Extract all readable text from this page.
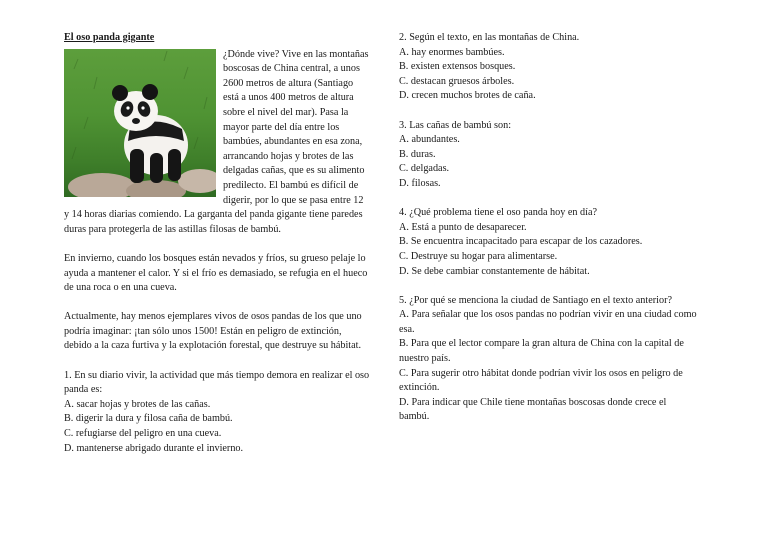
El oso panda gigante

¿Dónde vive? Vive en las montañas boscosas de China central, a unos 2600 metros de altura (Santiago está a unos 400 metros de altura sobre el nivel del mar). Pasa la mayor parte del día entre los bambúes, abundantes en esa zona, arrancando hojas y brotes de las delgadas cañas, que es su alimento predilecto. El bambú es difícil de digerir, por lo que se pasa entre 12 y 14 horas diarias comiendo. La garganta del panda gigante tiene paredes duras para protegerla de las astillas filosas de bambú.

En invierno, cuando los bosques están nevados y fríos, su grueso pelaje lo ayuda a mantener el calor. Y si el frío es demasiado, se refugia en el hueco de una roca o en una cueva.

Actualmente, hay menos ejemplares vivos de osos pandas de los que uno podría imaginar: ¡tan sólo unos 1500! Están en peligro de extinción, debido a la caza furtiva y la explotación forestal, que destruye su hábitat.

1. En su diario vivir, la actividad que más tiempo demora en realizar el oso panda es:

A. sacar hojas y brotes de las cañas.

B. digerir la dura y filosa caña de bambú.

C. refugiarse del peligro en una cueva.

D. mantenerse abrigado durante el invierno.

2. Según el texto, en las montañas de China.

A. hay enormes bambúes.

B. existen extensos bosques.

C. destacan gruesos árboles.

D. crecen muchos brotes de caña.

3. Las cañas de bambú son:

A. abundantes.

B. duras.

C. delgadas.

D. filosas.

4. ¿Qué problema tiene el oso panda hoy en día?

A. Está a punto de desaparecer.

B. Se encuentra incapacitado para escapar de los cazadores.

C. Destruye su hogar para alimentarse.

D. Se debe cambiar constantemente de hábitat.

5. ¿Por qué se menciona la ciudad de Santiago en el texto anterior?

A. Para señalar que los osos pandas no podrían vivir en una ciudad como esa.

B. Para que el lector compare la gran altura de China con la capital de nuestro país.

C. Para sugerir otro hábitat donde podrían vivir los osos en peligro de extinción.

D. Para indicar que Chile tiene montañas boscosas donde crece el bambú.
